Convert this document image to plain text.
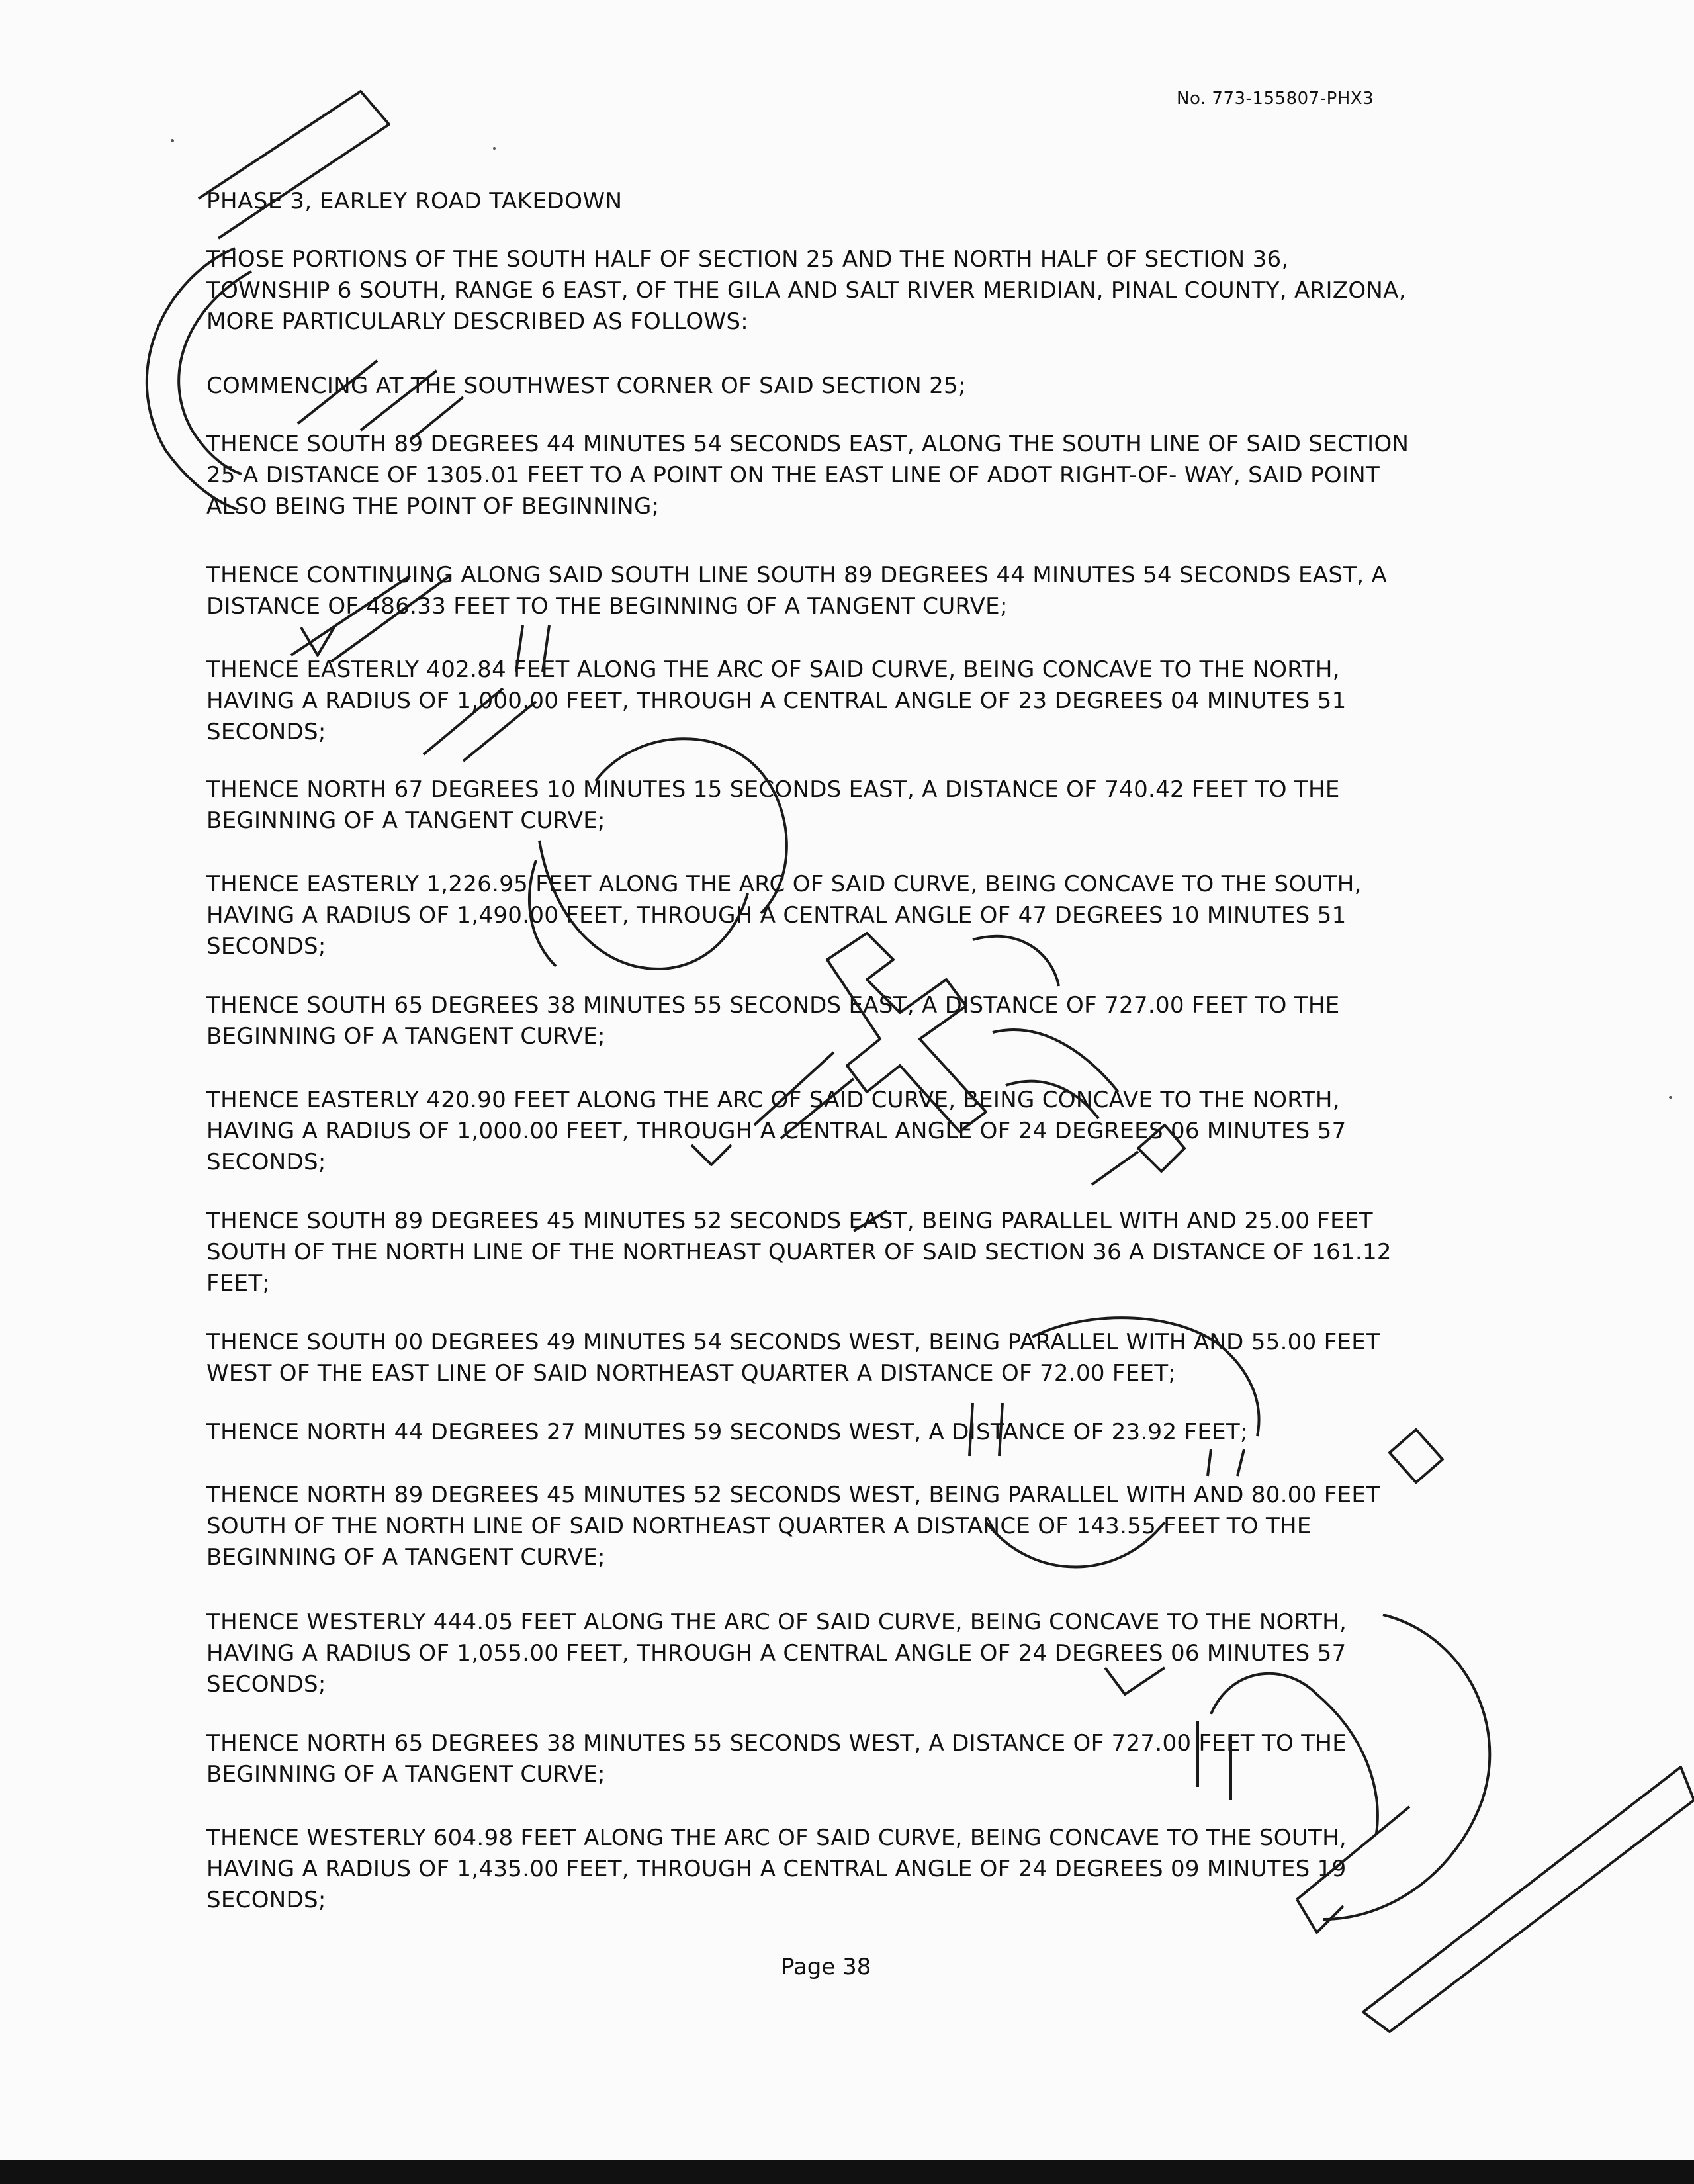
No. 773-155807-PHX3
PHASE 3, EARLEY ROAD TAKEDOWN

THOSE PORTIONS OF THE SOUTH HALF OF SECTION 25 AND THE NORTH HALF OF SECTION 36, TOWNSHIP 6 SOUTH, RANGE 6 EAST, OF THE GILA AND SALT RIVER MERIDIAN, PINAL COUNTY, ARIZONA, MORE PARTICULARLY DESCRIBED AS FOLLOWS:

COMMENCING AT THE SOUTHWEST CORNER OF SAID SECTION 25;

THENCE SOUTH 89 DEGREES 44 MINUTES 54 SECONDS EAST, ALONG THE SOUTH LINE OF SAID SECTION 25 A DISTANCE OF 1305.01 FEET TO A POINT ON THE EAST LINE OF ADOT RIGHT-OF- WAY, SAID POINT ALSO BEING THE POINT OF BEGINNING;

THENCE CONTINUING ALONG SAID SOUTH LINE SOUTH 89 DEGREES 44 MINUTES 54 SECONDS EAST, A DISTANCE OF 486.33 FEET TO THE BEGINNING OF A TANGENT CURVE;

THENCE EASTERLY 402.84 FEET ALONG THE ARC OF SAID CURVE, BEING CONCAVE TO THE NORTH, HAVING A RADIUS OF 1,000.00 FEET, THROUGH A CENTRAL ANGLE OF 23 DEGREES 04 MINUTES 51 SECONDS;

THENCE NORTH 67 DEGREES 10 MINUTES 15 SECONDS EAST, A DISTANCE OF 740.42 FEET TO THE BEGINNING OF A TANGENT CURVE;

THENCE EASTERLY 1,226.95 FEET ALONG THE ARC OF SAID CURVE, BEING CONCAVE TO THE SOUTH, HAVING A RADIUS OF 1,490.00 FEET, THROUGH A CENTRAL ANGLE OF 47 DEGREES 10 MINUTES 51 SECONDS;

THENCE SOUTH 65 DEGREES 38 MINUTES 55 SECONDS EAST, A DISTANCE OF 727.00 FEET TO THE BEGINNING OF A TANGENT CURVE;

THENCE EASTERLY 420.90 FEET ALONG THE ARC OF SAID CURVE, BEING CONCAVE TO THE NORTH, HAVING A RADIUS OF 1,000.00 FEET, THROUGH A CENTRAL ANGLE OF 24 DEGREES 06 MINUTES 57 SECONDS;

THENCE SOUTH 89 DEGREES 45 MINUTES 52 SECONDS EAST, BEING PARALLEL WITH AND 25.00 FEET SOUTH OF THE NORTH LINE OF THE NORTHEAST QUARTER OF SAID SECTION 36 A DISTANCE OF 161.12 FEET;

THENCE SOUTH 00 DEGREES 49 MINUTES 54 SECONDS WEST, BEING PARALLEL WITH AND 55.00 FEET WEST OF THE EAST LINE OF SAID NORTHEAST QUARTER A DISTANCE OF 72.00 FEET;

THENCE NORTH 44 DEGREES 27 MINUTES 59 SECONDS WEST, A DISTANCE OF 23.92 FEET;

THENCE NORTH 89 DEGREES 45 MINUTES 52 SECONDS WEST, BEING PARALLEL WITH AND 80.00 FEET SOUTH OF THE NORTH LINE OF SAID NORTHEAST QUARTER A DISTANCE OF 143.55 FEET TO THE BEGINNING OF A TANGENT CURVE;

THENCE WESTERLY 444.05 FEET ALONG THE ARC OF SAID CURVE, BEING CONCAVE TO THE NORTH, HAVING A RADIUS OF 1,055.00 FEET, THROUGH A CENTRAL ANGLE OF 24 DEGREES 06 MINUTES 57 SECONDS;

THENCE NORTH 65 DEGREES 38 MINUTES 55 SECONDS WEST, A DISTANCE OF 727.00 FEET TO THE BEGINNING OF A TANGENT CURVE;

THENCE WESTERLY 604.98 FEET ALONG THE ARC OF SAID CURVE, BEING CONCAVE TO THE SOUTH, HAVING A RADIUS OF 1,435.00 FEET, THROUGH A CENTRAL ANGLE OF 24 DEGREES 09 MINUTES 19 SECONDS;

Page 38
